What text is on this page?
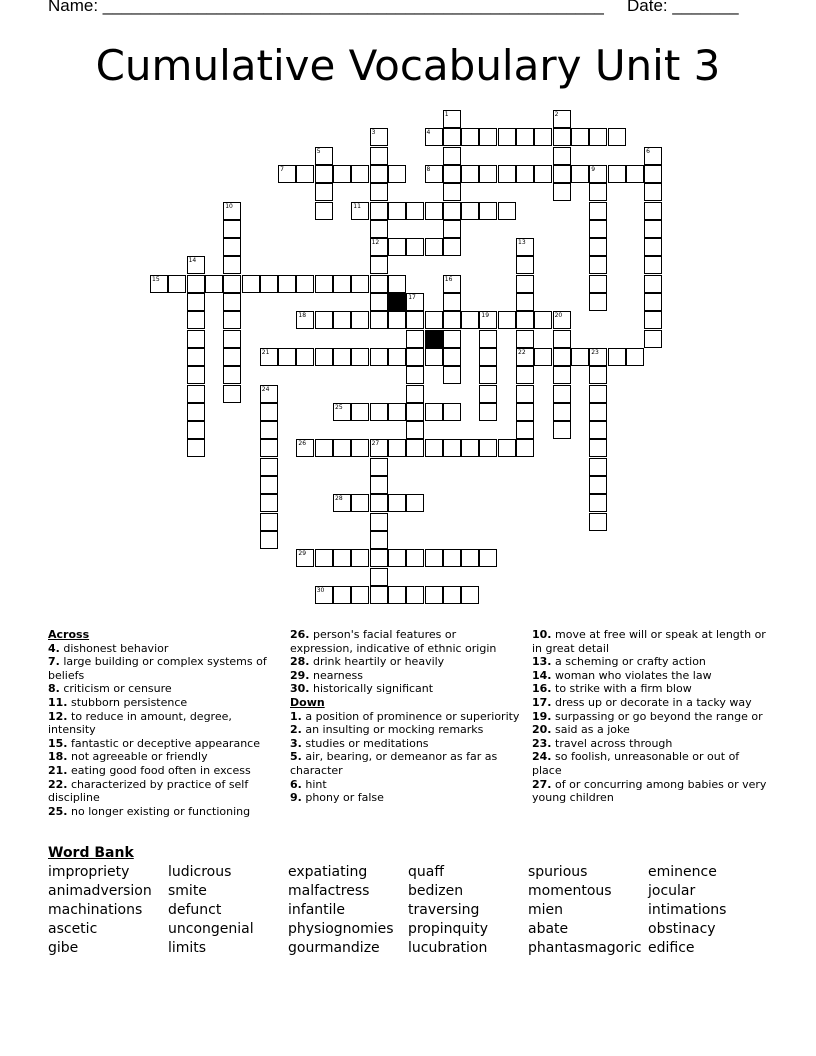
Name: _____________________________________________________ Date: _______
Cumulative Vocabulary Unit 3
1	2
3	4
5	6
7	8	9
10	11
12	13
14
15	16
17
18	19	20
21	22	23
24
25
26	27
28
29
30
Across
4. dishonest behavior
7. large building or complex systems of beliefs
8. criticism or censure
11. stubborn persistence
12. to reduce in amount, degree, intensity
15. fantastic or deceptive appearance
18. not agreeable or friendly
21. eating good food often in excess
22. characterized by practice of self discipline
25. no longer existing or functioning
26. person's facial features or expression, indicative of ethnic origin
28. drink heartily or heavily
29. nearness
30. historically significant
Down
1. a position of prominence or superiority
2. an insulting or mocking remarks
3. studies or meditations
5. air, bearing, or demeanor as far as character
6. hint
9. phony or false
10. move at free will or speak at length or in great detail
13. a scheming or crafty action
14. woman who violates the law
16. to strike with a firm blow
17. dress up or decorate in a tacky way
19. surpassing or go beyond the range or
20. said as a joke
23. travel across through
24. so foolish, unreasonable or out of place
27. of or concurring among babies or very young children
Word Bank
impropriety
animadversion
machinations
ascetic
gibe
ludicrous
smite
defunct
uncongenial
limits
expatiating
malfactress
infantile
physiognomies
gourmandize
quaff
bedizen
traversing
propinquity
lucubration
spurious
momentous
mien
abate
phantasmagoric
eminence
jocular
intimations
obstinacy
edifice
